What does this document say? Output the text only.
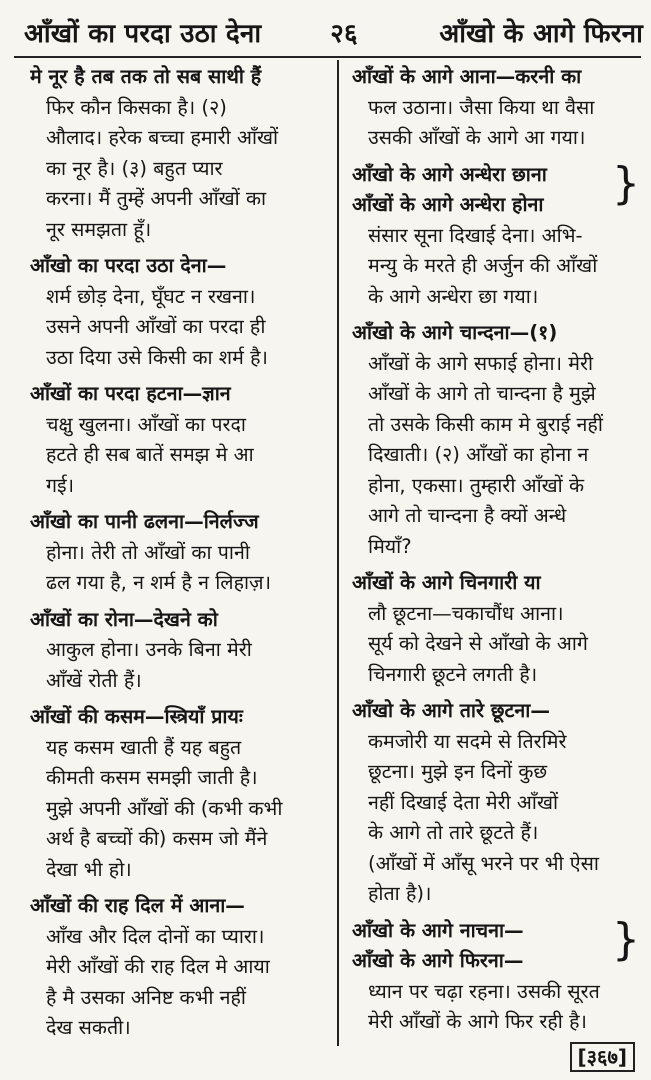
आँखों का परदा उठा देना	२६	आँखो के आगे फिरना
मे नूर है तब तक तो सब साथी हैं
फिर कौन किसका है। (२)
औलाद। हरेक बच्चा हमारी आँखों
का नूर है। (३) बहुत प्यार
करना। मैं तुम्हें अपनी आँखों का
नूर समझता हूँ।
आँखो का परदा उठा देना—
शर्म छोड़ देना, घूँघट न रखना।
उसने अपनी आँखों का परदा ही
उठा दिया उसे किसी का शर्म है।
आँखों का परदा हटना—ज्ञान
चक्षु खुलना। आँखों का परदा
हटते ही सब बातें समझ मे आ
गई।
आँखो का पानी ढलना—निर्लज्ज
होना। तेरी तो आँखों का पानी
ढल गया है, न शर्म है न लिहाज़।
आँखों का रोना—देखने को
आकुल होना। उनके बिना मेरी
आँखें रोती हैं।
आँखों की कसम—स्त्रियाँ प्रायः
यह कसम खाती हैं यह बहुत
कीमती कसम समझी जाती है।
मुझे अपनी आँखों की (कभी कभी
अर्थ है बच्चों की) कसम जो मैंने
देखा भी हो।
आँखों की राह दिल में आना—
आँख और दिल दोनों का प्यारा।
मेरी आँखों की राह दिल मे आया
है मै उसका अनिष्ट कभी नहीं
देख सकती।
आँखों के आगे आना—करनी का
फल उठाना। जैसा किया था वैसा
उसकी आँखों के आगे आ गया।
आँखो के आगे अन्धेरा छाना
आँखों के आगे अन्धेरा होना
संसार सूना दिखाई देना। अभि-
मन्यु के मरते ही अर्जुन की आँखों
के आगे अन्धेरा छा गया।
}
आँखो के आगे चान्दना—(१)
आँखों के आगे सफाई होना। मेरी
आँखों के आगे तो चान्दना है मुझे
तो उसके किसी काम मे बुराई नहीं
दिखाती। (२) आँखों का होना न
होना, एकसा। तुम्हारी आँखों के
आगे तो चान्दना है क्यों अन्धे
मियाँ?
आँखों के आगे चिनगारी या
लौ छूटना—चकाचौंध आना।
सूर्य को देखने से आँखो के आगे
चिनगारी छूटने लगती है।
आँखो के आगे तारे छूटना—
कमजोरी या सदमे से तिरमिरे
छूटना। मुझे इन दिनों कुछ
नहीं दिखाई देता मेरी आँखों
के आगे तो तारे छूटते हैं।
(आँखों में आँसू भरने पर भी ऐसा
होता है)।
आँखो के आगे नाचना—
आँखो के आगे फिरना—
ध्यान पर चढ़ा रहना। उसकी सूरत
मेरी आँखों के आगे फिर रही है।
}
[३६७]
